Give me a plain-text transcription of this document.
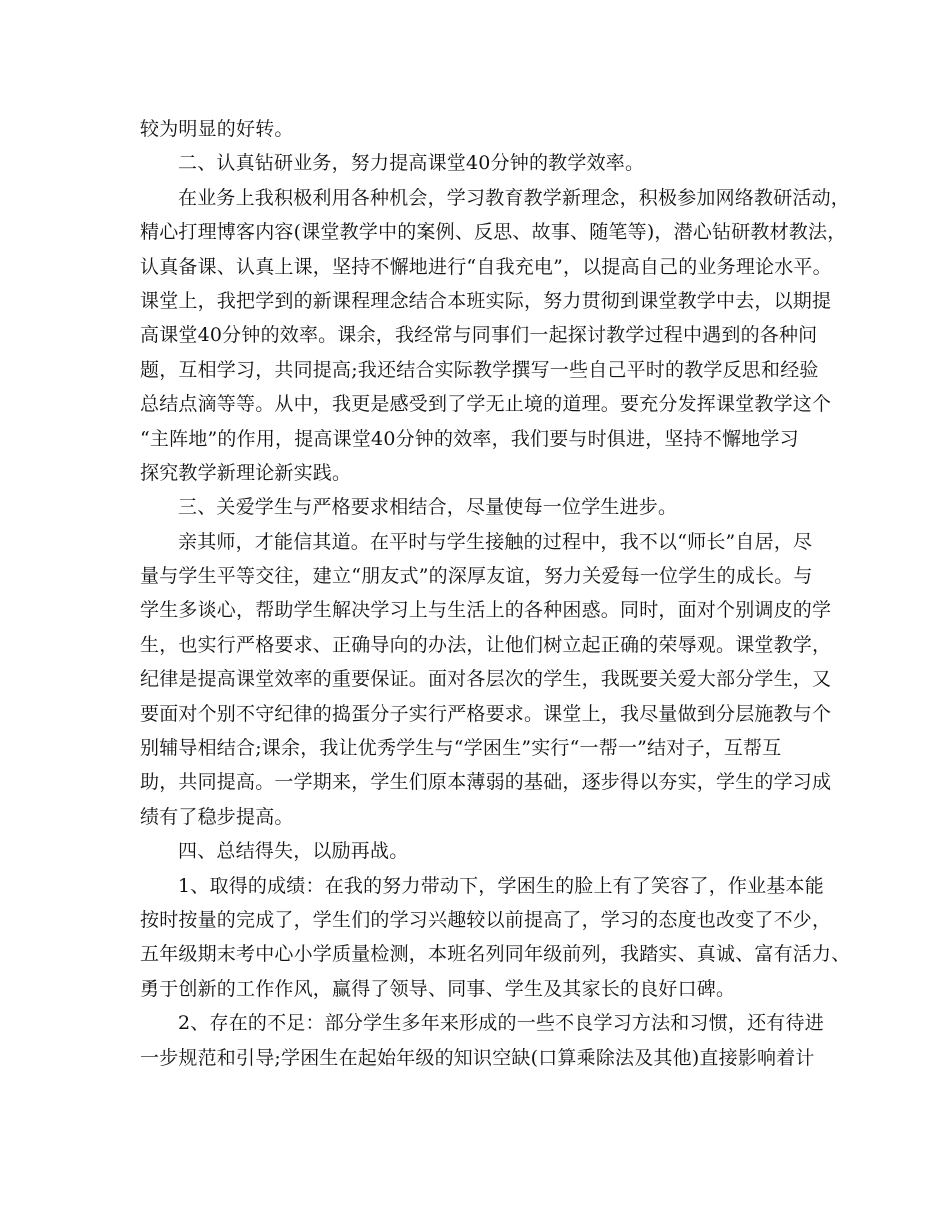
较为明显的好转。
二、认真钻研业务，努力提高课堂40分钟的教学效率。
在业务上我积极利用各种机会，学习教育教学新理念，积极参加网络教研活动，
精心打理博客内容(课堂教学中的案例、反思、故事、随笔等)，潜心钻研教材教法，
认真备课、认真上课，坚持不懈地进行“自我充电”，以提高自己的业务理论水平。
课堂上，我把学到的新课程理念结合本班实际，努力贯彻到课堂教学中去，以期提
高课堂40分钟的效率。课余，我经常与同事们一起探讨教学过程中遇到的各种问
题，互相学习，共同提高;我还结合实际教学撰写一些自己平时的教学反思和经验
总结点滴等等。从中，我更是感受到了学无止境的道理。要充分发挥课堂教学这个
“主阵地”的作用，提高课堂40分钟的效率，我们要与时俱进，坚持不懈地学习
探究教学新理论新实践。
三、关爱学生与严格要求相结合，尽量使每一位学生进步。
亲其师，才能信其道。在平时与学生接触的过程中，我不以“师长”自居，尽
量与学生平等交往，建立“朋友式”的深厚友谊，努力关爱每一位学生的成长。与
学生多谈心，帮助学生解决学习上与生活上的各种困惑。同时，面对个别调皮的学
生，也实行严格要求、正确导向的办法，让他们树立起正确的荣辱观。课堂教学，
纪律是提高课堂效率的重要保证。面对各层次的学生，我既要关爱大部分学生，又
要面对个别不守纪律的捣蛋分子实行严格要求。课堂上，我尽量做到分层施教与个
别辅导相结合;课余，我让优秀学生与“学困生”实行“一帮一”结对子，互帮互
助，共同提高。一学期来，学生们原本薄弱的基础，逐步得以夯实，学生的学习成
绩有了稳步提高。
四、总结得失，以励再战。
1、取得的成绩：在我的努力带动下，学困生的脸上有了笑容了，作业基本能
按时按量的完成了，学生们的学习兴趣较以前提高了，学习的态度也改变了不少，
五年级期末考中心小学质量检测，本班名列同年级前列，我踏实、真诚、富有活力、
勇于创新的工作作风，赢得了领导、同事、学生及其家长的良好口碑。
2、存在的不足：部分学生多年来形成的一些不良学习方法和习惯，还有待进
一步规范和引导;学困生在起始年级的知识空缺(口算乘除法及其他)直接影响着计
